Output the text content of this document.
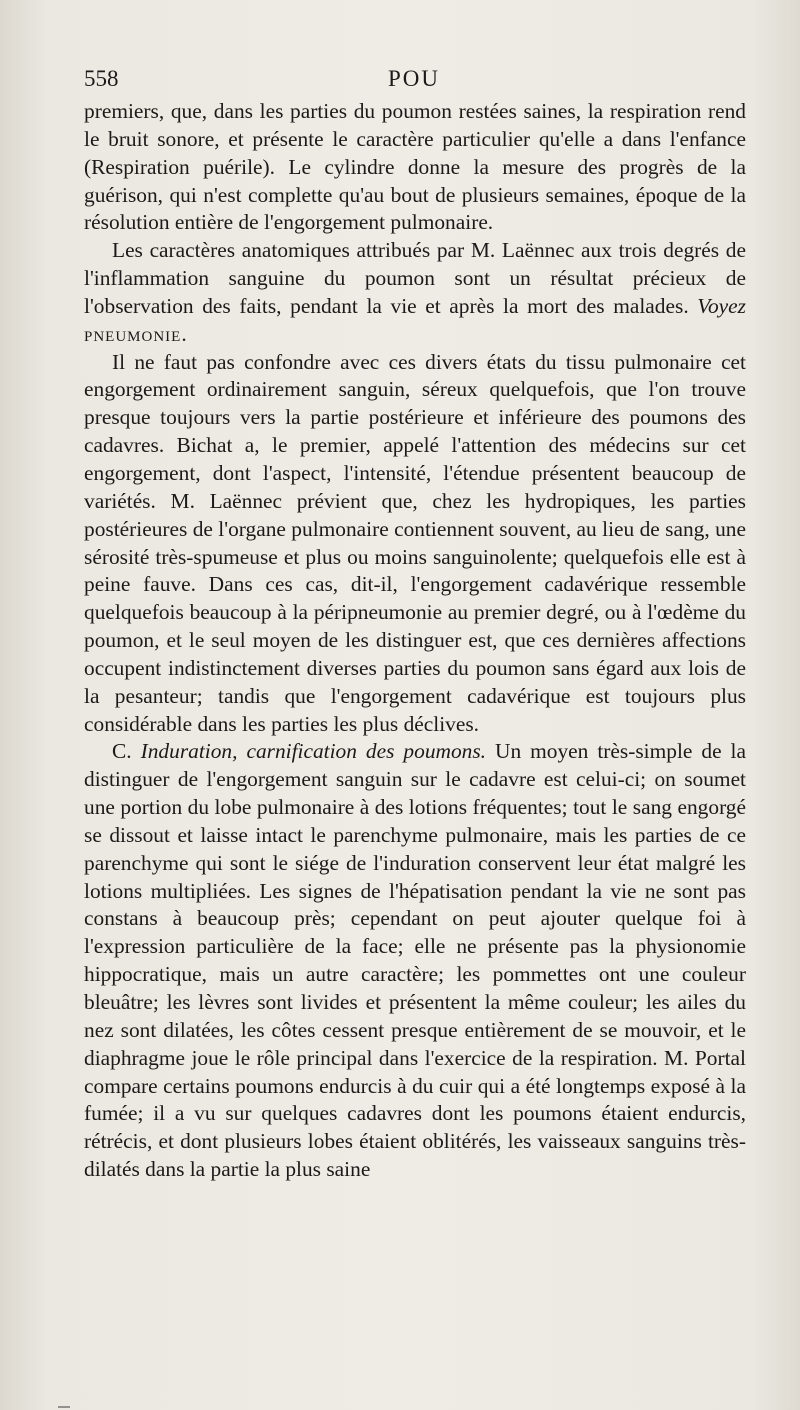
558	POU

premiers, que, dans les parties du poumon restées saines, la respiration rend le bruit sonore, et présente le caractère particulier qu'elle a dans l'enfance (Respiration puérile). Le cylindre donne la mesure des progrès de la guérison, qui n'est complette qu'au bout de plusieurs semaines, époque de la résolution entière de l'engorgement pulmonaire.

Les caractères anatomiques attribués par M. Laënnec aux trois degrés de l'inflammation sanguine du poumon sont un résultat précieux de l'observation des faits, pendant la vie et après la mort des malades. Voyez pneumonie.

Il ne faut pas confondre avec ces divers états du tissu pulmonaire cet engorgement ordinairement sanguin, séreux quelquefois, que l'on trouve presque toujours vers la partie postérieure et inférieure des poumons des cadavres. Bichat a, le premier, appelé l'attention des médecins sur cet engorgement, dont l'aspect, l'intensité, l'étendue présentent beaucoup de variétés. M. Laënnec prévient que, chez les hydropiques, les parties postérieures de l'organe pulmonaire contiennent souvent, au lieu de sang, une sérosité très-spumeuse et plus ou moins sanguinolente; quelquefois elle est à peine fauve. Dans ces cas, dit-il, l'engorgement cadavérique ressemble quelquefois beaucoup à la péripneumonie au premier degré, ou à l'œdème du poumon, et le seul moyen de les distinguer est, que ces dernières affections occupent indistinctement diverses parties du poumon sans égard aux lois de la pesanteur; tandis que l'engorgement cadavérique est toujours plus considérable dans les parties les plus déclives.

C. Induration, carnification des poumons. Un moyen très-simple de la distinguer de l'engorgement sanguin sur le cadavre est celui-ci; on soumet une portion du lobe pulmonaire à des lotions fréquentes; tout le sang engorgé se dissout et laisse intact le parenchyme pulmonaire, mais les parties de ce parenchyme qui sont le siége de l'induration conservent leur état malgré les lotions multipliées. Les signes de l'hépatisation pendant la vie ne sont pas constans à beaucoup près; cependant on peut ajouter quelque foi à l'expression particulière de la face; elle ne présente pas la physionomie hippocratique, mais un autre caractère; les pommettes ont une couleur bleuâtre; les lèvres sont livides et présentent la même couleur; les ailes du nez sont dilatées, les côtes cessent presque entièrement de se mouvoir, et le diaphragme joue le rôle principal dans l'exercice de la respiration. M. Portal compare certains poumons endurcis à du cuir qui a été longtemps exposé à la fumée; il a vu sur quelques cadavres dont les poumons étaient endurcis, rétrécis, et dont plusieurs lobes étaient oblitérés, les vaisseaux sanguins très-dilatés dans la partie la plus saine
